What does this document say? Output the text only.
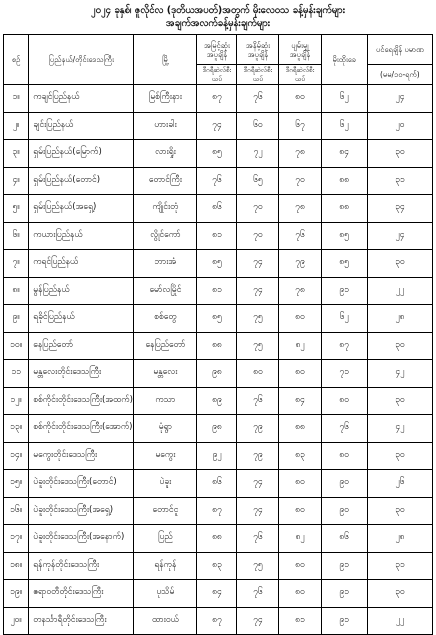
၂၀၂၄ ခုနှစ်၊ ဇူလိုင်လ (ဒုတိယအပတ်)အတွက် မိုးလေဝသ ခန့်မှန်းချက်များ
အချက်အလက်ခန့်မှန်းချက်များ
စဉ်	ပြည်နယ်/တိုင်းဒေသကြီး	မြို့	အမြင့်ဆုံး အပူချိန်	အနိမ့်ဆုံး အပူချိန်	ပျမ်းမျှ အပူချိန်	မိုးထိုးခေ	ပင်ရေချိန် ပမာဏ
			ဒီဂရီဆဲလ်စီးယပ်	ဒီဂရီဆဲလ်စီးယပ်	ဒီဂရီဆဲလ်စီးယပ်		(မမ/၁၀-ရက်)
၁။	ကချင်ပြည်နယ်	မြစ်ကြီးနား	၈၇	၇၆	၈၀	၆၂	၂၄
၂။	ချင်းပြည်နယ်	ဟားခါး	၇၄	၆၀	၆၇	၆၂	၂၀
၃။	ရှမ်းပြည်နယ်(မြောက်)	လားရှိုး	၈၅	၇၂	၇၈	၈၄	၃၀
၄။	ရှမ်းပြည်နယ်(တောင်)	တောင်ကြီး	၇၆	၆၅	၇၀	၈၈	၃၁
၅။	ရှမ်းပြည်နယ်(အရှေ့)	ကျိုင်းတုံ	၈၆	၇၀	၇၈	၈၈	၃၄
၆။	ကယားပြည်နယ်	လွိုင်ကော်	၈၁	၇၀	၇၆	၈၅	၂၄
၇။	ကရင်ပြည်နယ်	ဘားအံ	၈၅	၇၄	၇၉	၈၅	၃၀
၈။	မွန်ပြည်နယ်	မော်လမြိုင်	၈၁	၇၄	၇၈	၉၁	၂၂
၉။	ရခိုင်ပြည်နယ်	စစ်တွေ	၈၅	၇၅	၈၀	၆၂	၂၈
၁၀။	နေပြည်တော်	နေပြည်တော်	၈၈	၇၅	၈၂	၈၇	၃၀
၁၁	မန္တလေးတိုင်းဒေသကြီး	မန္တလေး	၉၈	၈၀	၈၀	၇၁	၄၂
၁၂။	စစ်ကိုင်းတိုင်းဒေသကြီး(အထက်)	ကသာ	၈၉	၇၆	၈၄	၈၀	၃၀
၁၃။	စစ်ကိုင်းတိုင်းဒေသကြီး(အောက်)	မုံရွာ	၉၈	၇၉	၈၈	၇၆	၄၂
၁၄။	မကွေးတိုင်းဒေသကြီး	မကွေး	၉၂	၇၉	၈၃	၈၀	၃၀
၁၅။	ပဲခူးတိုင်းဒေသကြီး(တောင်)	ပဲခူး	၈၆	၇၄	၈၀	၉၀	၂၆
၁၆။	ပဲခူးတိုင်းဒေသကြီး(အရှေ့)	တောင်ငူ	၈၇	၇၄	၈၀	၉၀	၃၀
၁၇။	ပဲခူးတိုင်းဒေသကြီး(အနောက်)	ပြည်	၈၈	၇၆	၈၂	၈၆	၂၈
၁၈။	ရန်ကုန်တိုင်းဒေသကြီး	ရန်ကုန်	၈၃	၇၅	၈၀	၉၁	၃၁
၁၉။	ဧရာဝတီတိုင်းဒေသကြီး	ပုသိမ်	၈၄	၇၆	၈၀	၉၁	၃၀
၂၀။	တနင်္သာရီတိုင်းဒေသကြီး	ထားဝယ်	၈၇	၇၄	၈၁	၉၁	၂၂
